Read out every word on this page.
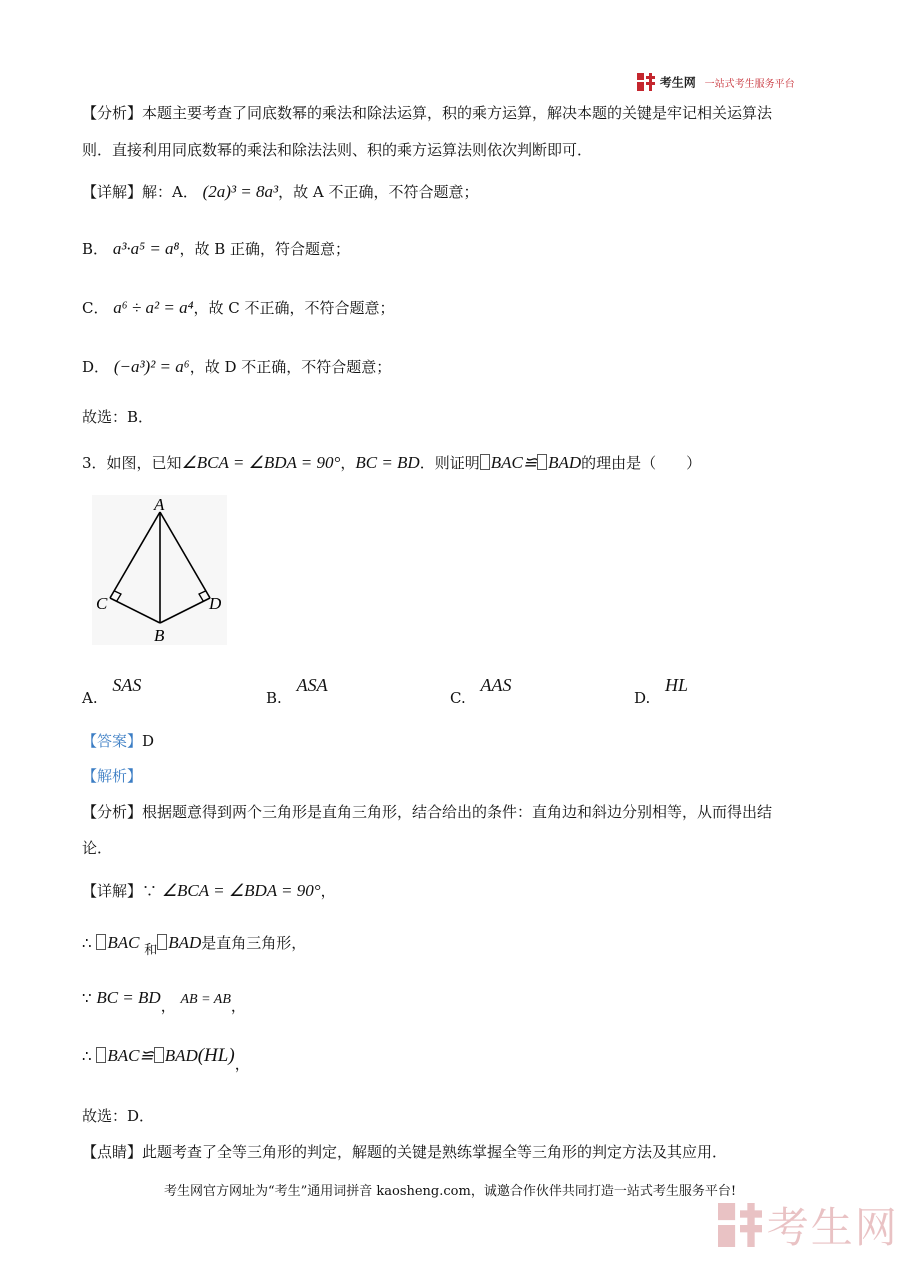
考生网 一站式考生服务平台
【分析】本题主要考查了同底数幂的乘法和除法运算，积的乘方运算，解决本题的关键是牢记相关运算法
则．直接利用同底数幂的乘法和除法法则、积的乘方运算法则依次判断即可．
【详解】解：A． (2a)³ = 8a³，故 A 不正确，不符合题意；
B． a³·a⁵ = a⁸，故 B 正确，符合题意；
C． a⁶ ÷ a² = a⁴，故 C 不正确，不符合题意；
D． (−a³)² = a⁶，故 D 不正确，不符合题意；
故选：B．
3．如图，已知∠BCA = ∠BDA = 90°，BC = BD．则证明 BAC≌ BAD的理由是（　　）
A
C	D
B
A. SAS
B. ASA
C. AAS
D. HL
【答案】D
【解析】
【分析】根据题意得到两个三角形是直角三角形，结合给出的条件：直角边和斜边分别相等，从而得出结
论．
【详解】∵ ∠BCA = ∠BDA = 90°，
∴ BAC 和 BAD是直角三角形，
∵ BC = BD， AB = AB，
∴ BAC≌ BAD(HL)，
故选：D．
【点睛】此题考查了全等三角形的判定，解题的关键是熟练掌握全等三角形的判定方法及其应用．
考生网官方网址为“考生”通用词拼音 kaosheng.com，诚邀合作伙伴共同打造一站式考生服务平台!
考生网
